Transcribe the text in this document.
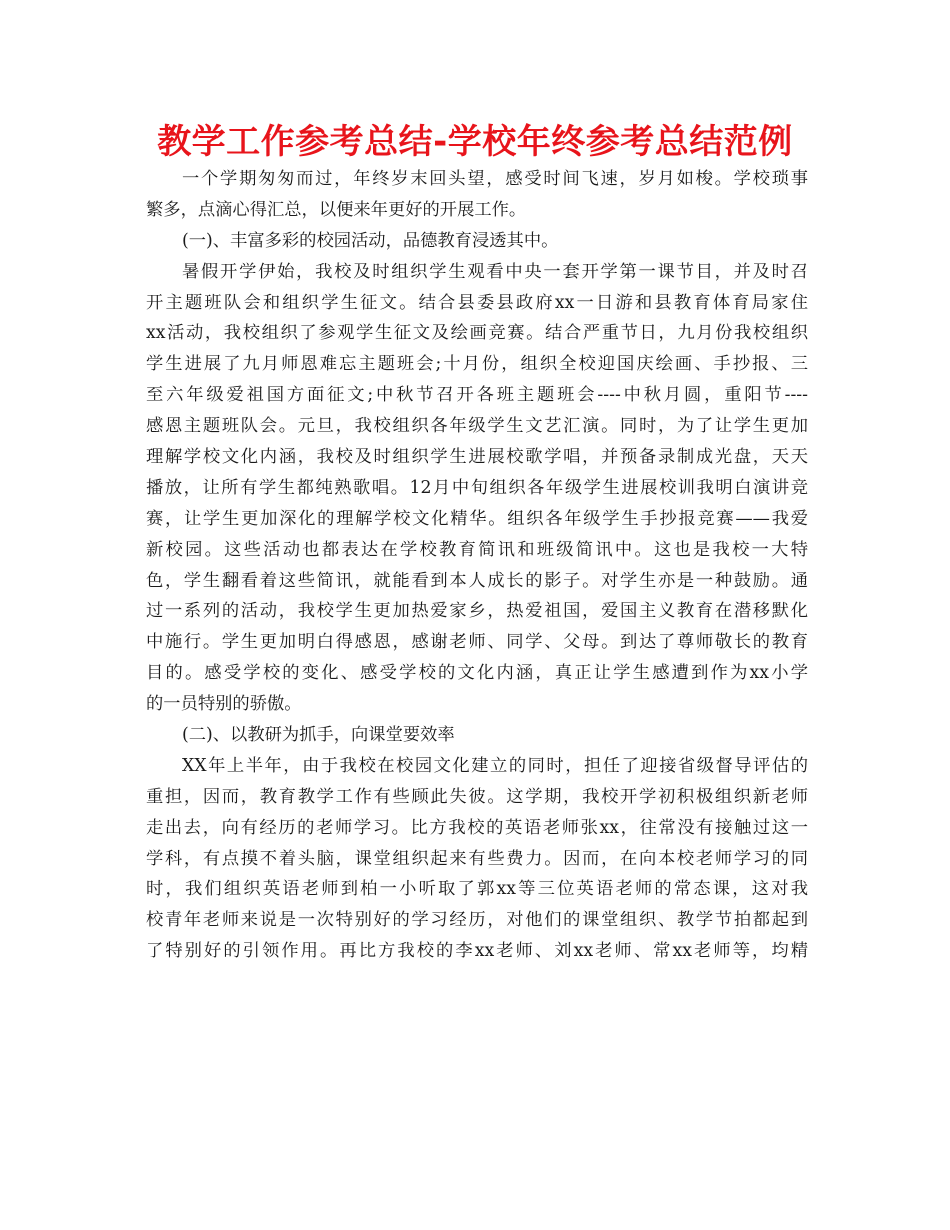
教学工作参考总结-学校年终参考总结范例
一个学期匆匆而过，年终岁末回头望，感受时间飞速，岁月如梭。学校琐事
繁多，点滴心得汇总，以便来年更好的开展工作。
(一)、丰富多彩的校园活动，品德教育浸透其中。
暑假开学伊始，我校及时组织学生观看中央一套开学第一课节目，并及时召
开主题班队会和组织学生征文。结合县委县政府xx一日游和县教育体育局家住
xx活动，我校组织了参观学生征文及绘画竞赛。结合严重节日，九月份我校组织
学生进展了九月师恩难忘主题班会;十月份，组织全校迎国庆绘画、手抄报、三
至六年级爱祖国方面征文;中秋节召开各班主题班会----中秋月圆，重阳节----
感恩主题班队会。元旦，我校组织各年级学生文艺汇演。同时，为了让学生更加
理解学校文化内涵，我校及时组织学生进展校歌学唱，并预备录制成光盘，天天
播放，让所有学生都纯熟歌唱。12月中旬组织各年级学生进展校训我明白演讲竞
赛，让学生更加深化的理解学校文化精华。组织各年级学生手抄报竞赛——我爱
新校园。这些活动也都表达在学校教育简讯和班级简讯中。这也是我校一大特
色，学生翻看着这些简讯，就能看到本人成长的影子。对学生亦是一种鼓励。通
过一系列的活动，我校学生更加热爱家乡，热爱祖国，爱国主义教育在潜移默化
中施行。学生更加明白得感恩，感谢老师、同学、父母。到达了尊师敬长的教育
目的。感受学校的变化、感受学校的文化内涵，真正让学生感遭到作为xx小学
的一员特别的骄傲。
(二)、以教研为抓手，向课堂要效率
XX年上半年，由于我校在校园文化建立的同时，担任了迎接省级督导评估的
重担，因而，教育教学工作有些顾此失彼。这学期，我校开学初积极组织新老师
走出去，向有经历的老师学习。比方我校的英语老师张xx，往常没有接触过这一
学科，有点摸不着头脑，课堂组织起来有些费力。因而，在向本校老师学习的同
时，我们组织英语老师到柏一小听取了郭xx等三位英语老师的常态课，这对我
校青年老师来说是一次特别好的学习经历，对他们的课堂组织、教学节拍都起到
了特别好的引领作用。再比方我校的李xx老师、刘xx老师、常xx老师等，均精
